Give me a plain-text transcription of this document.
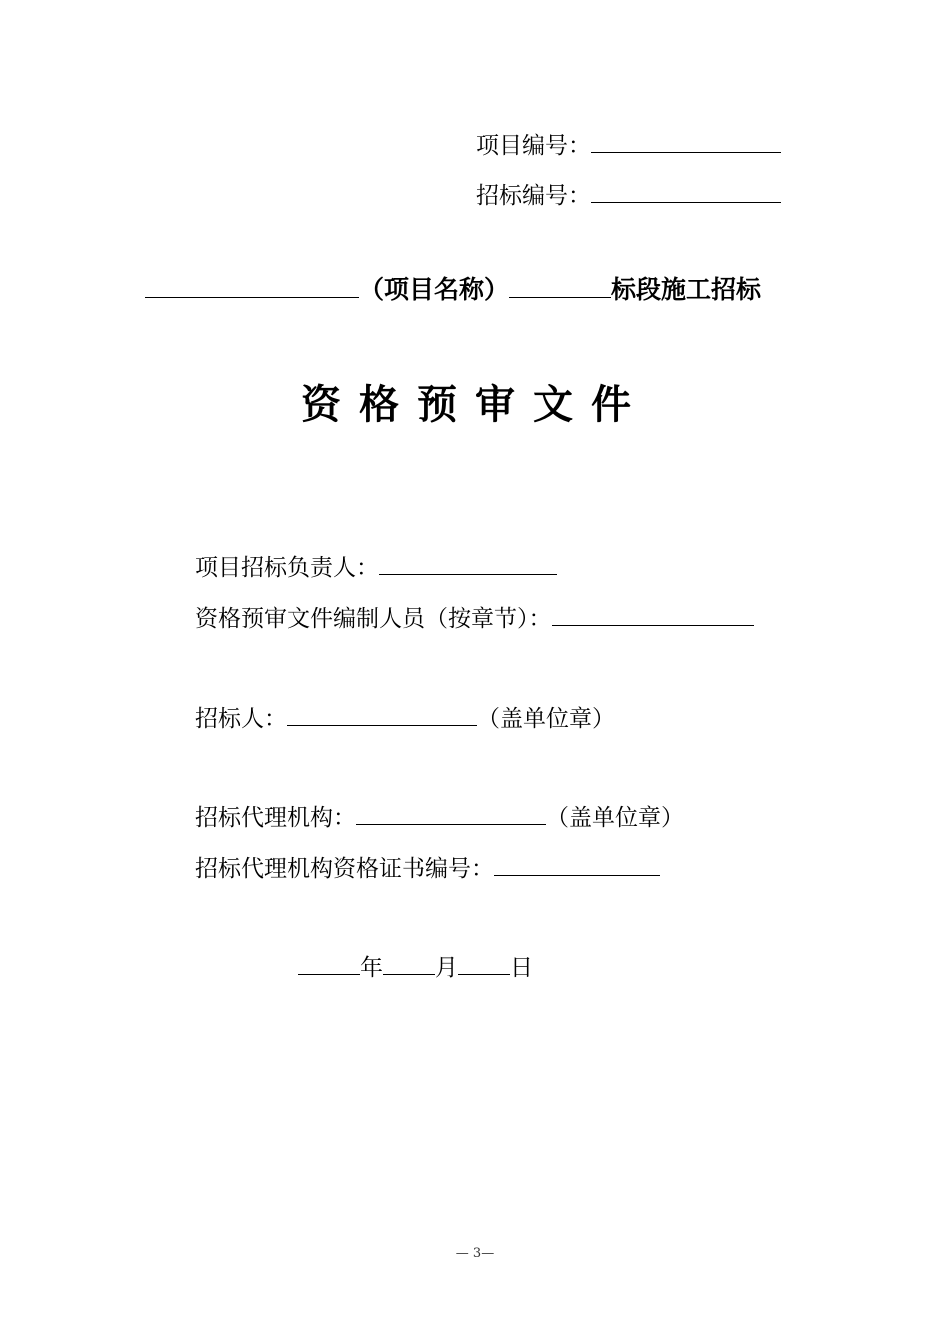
项目编号：
招标编号：
（项目名称）	标段施工招标
资格预审文件
项目招标负责人：
资格预审文件编制人员（按章节）：
招标人：	（盖单位章）
招标代理机构：	（盖单位章）
招标代理机构资格证书编号：
年 月 日
— 3—
